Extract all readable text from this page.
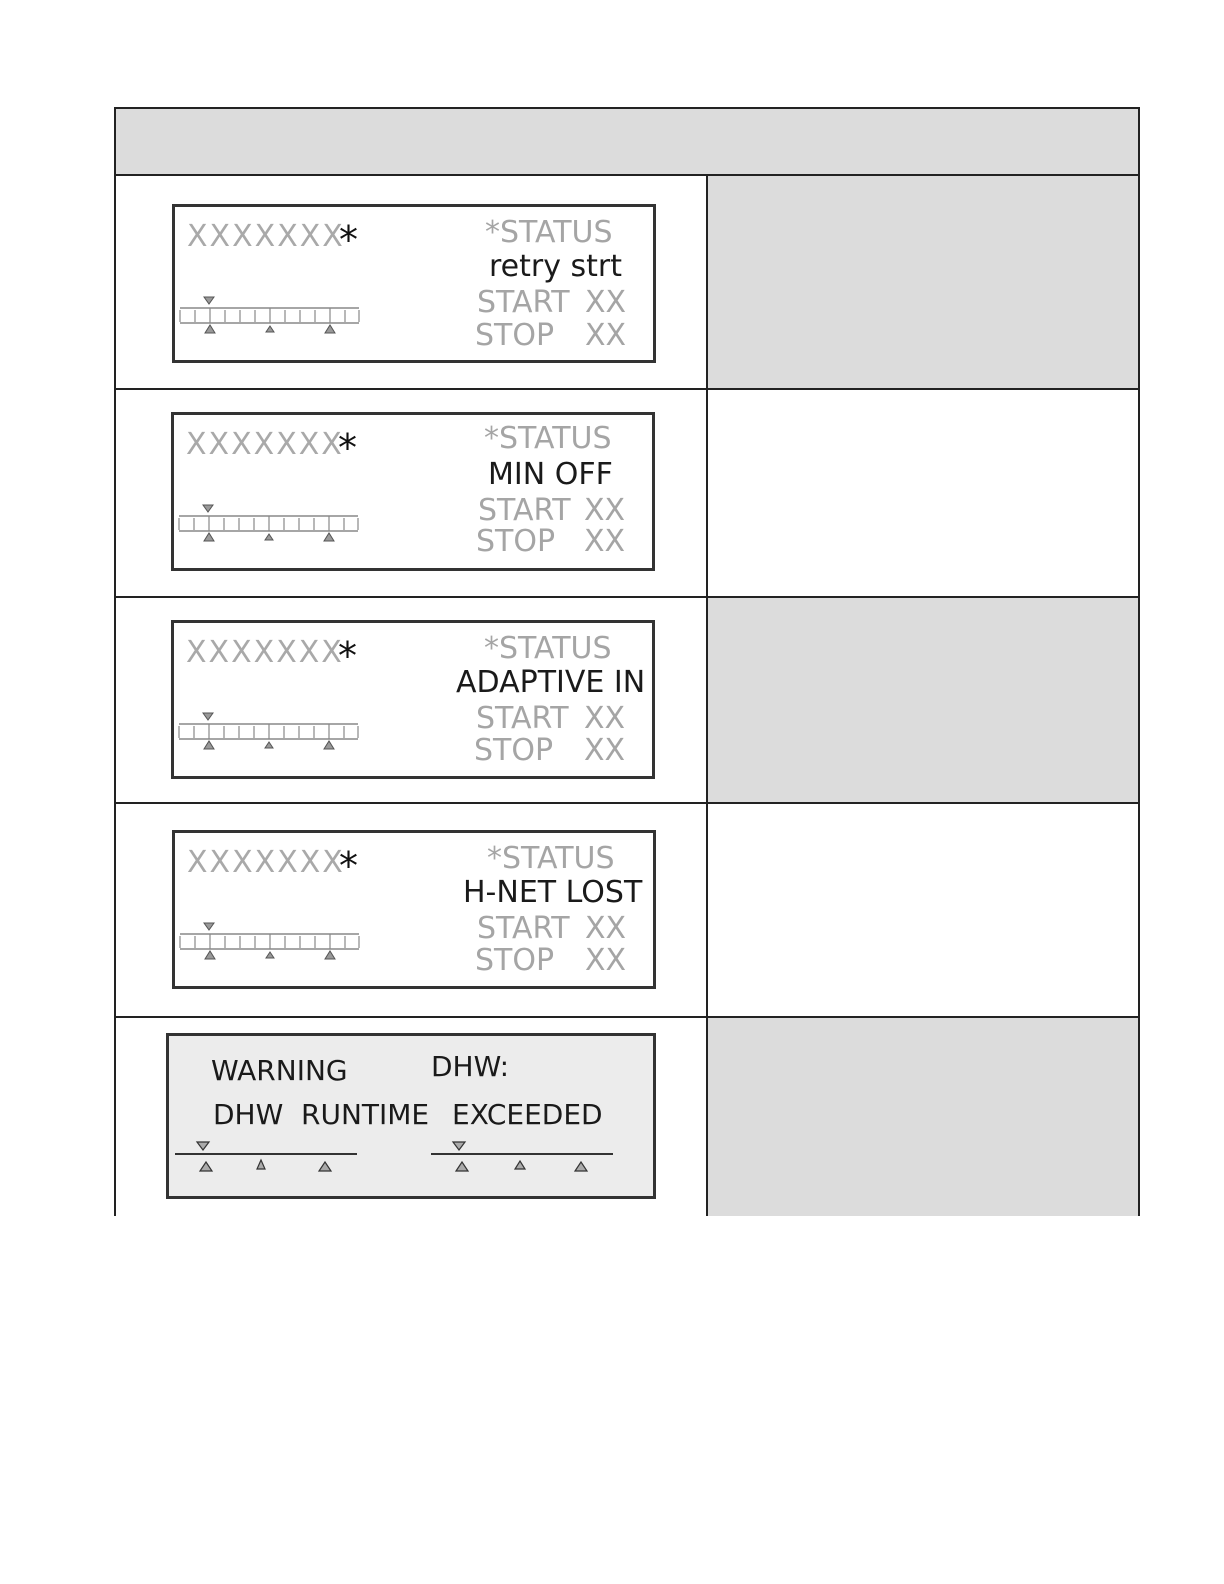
XXXXXXX
*	*STATUS
retry strt
START XX
STOP XX
XXXXXXX
*	*STATUS
MIN OFF
START XX
STOP XX
XXXXXXX
*	*STATUS
ADAPTIVE IN
START XX
STOP XX
XXXXXXX
*	*STATUS
H-NET LOST
START XX
STOP XX
WARNING	DHW:
DHW RUNTIME EXCEEDED
